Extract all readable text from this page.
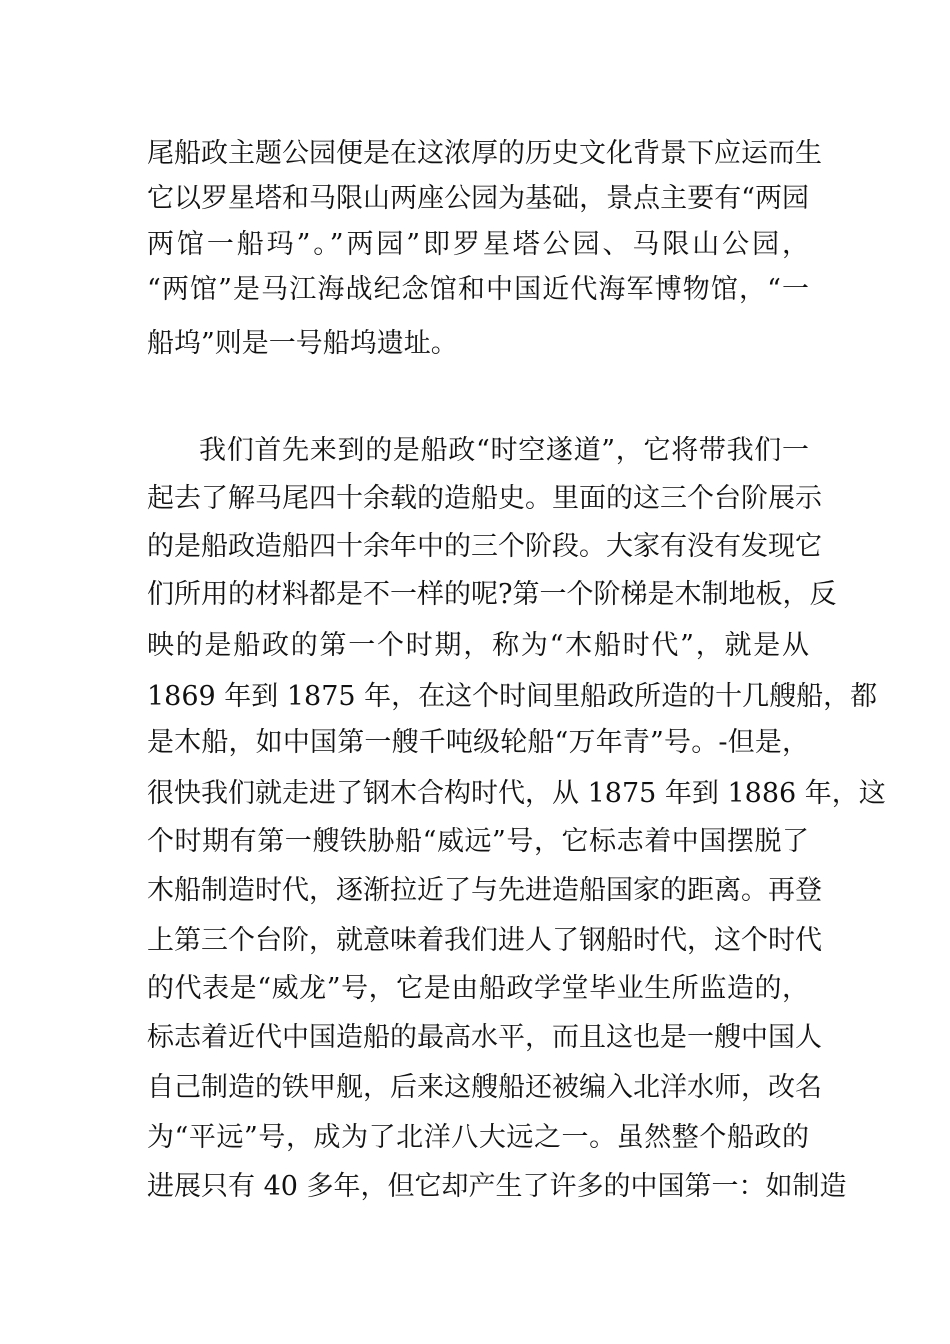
尾船政主题公园便是在这浓厚的历史文化背景下应运而生
它以罗星塔和马限山两座公园为基础，景点主要有“两园
两馆一船玛”。”两园”即罗星塔公园、马限山公园，
“两馆”是马江海战纪念馆和中国近代海军博物馆，“一
船坞”则是一号船坞遗址。
我们首先来到的是船政“时空遂道”，它将带我们一
起去了解马尾四十余载的造船史。里面的这三个台阶展示
的是船政造船四十余年中的三个阶段。大家有没有发现它
们所用的材料都是不一样的呢?第一个阶梯是木制地板，反
映的是船政的第一个时期，称为“木船时代”，就是从
1869 年到 1875 年，在这个时间里船政所造的十几艘船，都
是木船，如中国第一艘千吨级轮船“万年青”号。-但是，
很快我们就走进了钢木合构时代，从 1875 年到 1886 年，这
个时期有第一艘铁胁船“威远”号，它标志着中国摆脱了
木船制造时代，逐渐拉近了与先进造船国家的距离。再登
上第三个台阶，就意味着我们进人了钢船时代，这个时代
的代表是“威龙”号，它是由船政学堂毕业生所监造的，
标志着近代中国造船的最高水平，而且这也是一艘中国人
自己制造的铁甲舰，后来这艘船还被编入北洋水师，改名
为“平远”号，成为了北洋八大远之一。虽然整个船政的
进展只有 40 多年，但它却产生了许多的中国第一：如制造
